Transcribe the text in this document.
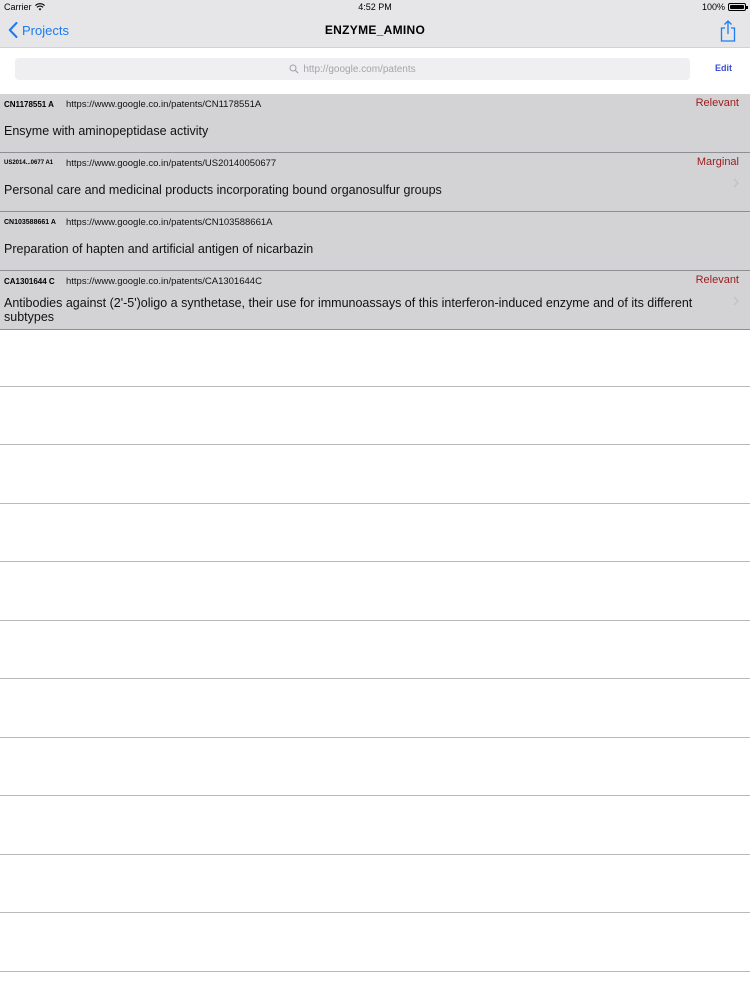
Carrier	4:52 PM	100%
Projects	ENZYME_AMINO
http://google.com/patents	Edit
CN1178551 A https://www.google.co.in/patents/CN1178551A	Relevant
Ensyme with aminopeptidase activity
US2014...0677 A1 https://www.google.co.in/patents/US20140050677	Marginal
Personal care and medicinal products incorporating bound organosulfur groups
CN103588661 A https://www.google.co.in/patents/CN103588661A
Preparation of hapten and artificial antigen of nicarbazin
CA1301644 C https://www.google.co.in/patents/CA1301644C	Relevant
Antibodies against (2'-5')oligo a synthetase, their use for immunoassays of this interferon-induced enzyme and of its different subtypes
